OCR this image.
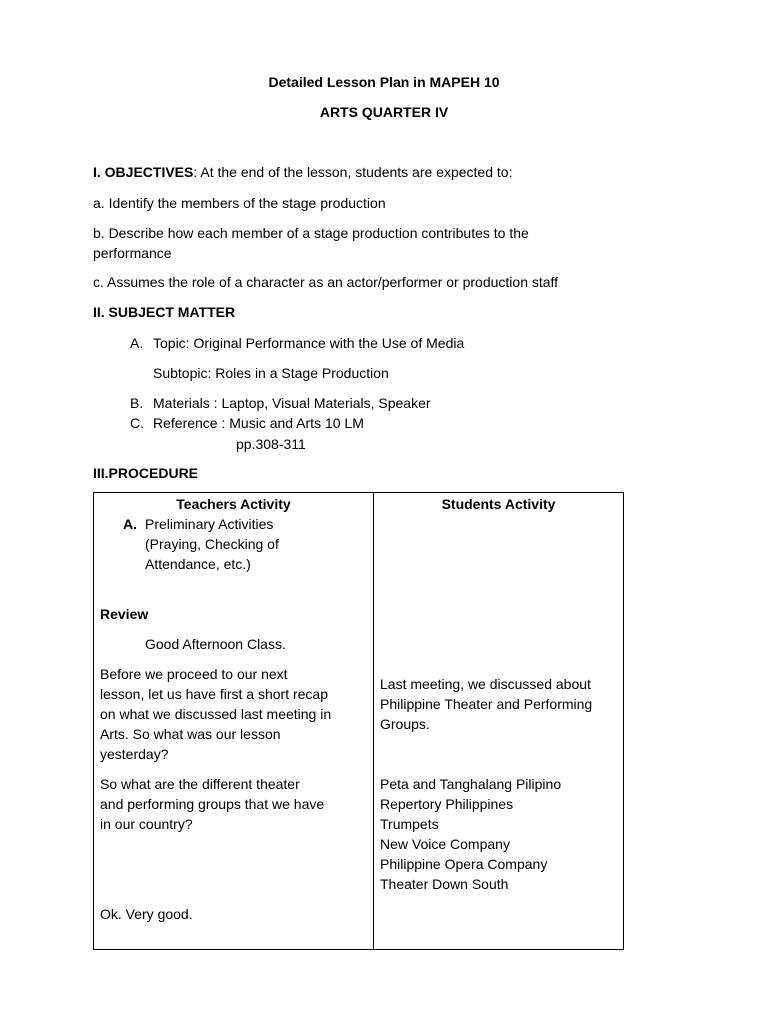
Detailed Lesson Plan in MAPEH 10
ARTS QUARTER IV
I. OBJECTIVES: At the end of the lesson, students are expected to:
a. Identify the members of the stage production
b. Describe how each member of a stage production contributes to the
performance
c. Assumes the role of a character as an actor/performer or production staff
II. SUBJECT MATTER
A. Topic: Original Performance with the Use of Media
Subtopic: Roles in a Stage Production
B. Materials : Laptop, Visual Materials, Speaker
C. Reference : Music and Arts 10 LM
pp.308-311
III.PROCEDURE
Teachers Activity	Students Activity
A. Preliminary Activities
(Praying, Checking of
Attendance, etc.)
Review
Good Afternoon Class.
Before we proceed to our next
lesson, let us have first a short recap
on what we discussed last meeting in
Arts. So what was our lesson
yesterday?
So what are the different theater
and performing groups that we have
in our country?
Ok. Very good.
Last meeting, we discussed about
Philippine Theater and Performing
Groups.
Peta and Tanghalang Pilipino
Repertory Philippines
Trumpets
New Voice Company
Philippine Opera Company
Theater Down South
